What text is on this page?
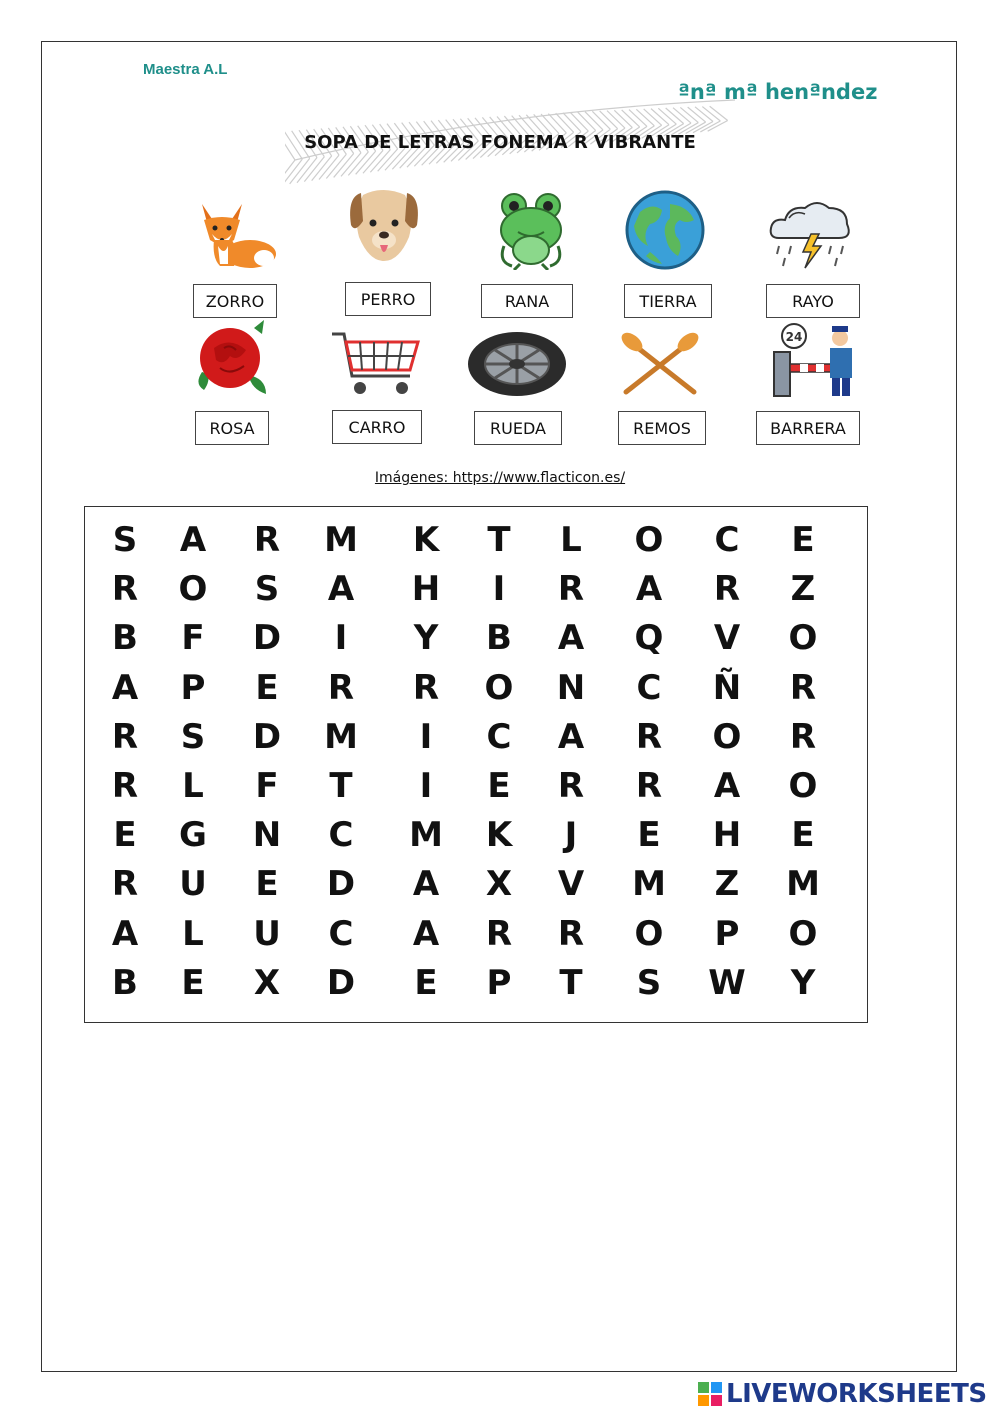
Maestra A.L
ªnª mª henªndez
SOPA DE LETRAS FONEMA R VIBRANTE
ZORRO	PERRO	RANA	TIERRA	RAYO
24
ROSA	CARRO	RUEDA	REMOS	BARRERA
Imágenes: https://www.flacticon.es/
S	A	R	M	K	T	L	O	C	E
R	O	S	A	H	I	R	A	R	Z
B	F	D	I	Y	B	A	Q	V	O
A	P	E	R	R	O	N	C	Ñ	R
R	S	D	M	I	C	A	R	O	R
R	L	F	T	I	E	R	R	A	O
E	G	N	C	M	K	J	E	H	E
R	U	E	D	A	X	V	M	Z	M
A	L	U	C	A	R	R	O	P	O
B	E	X	D	E	P	T	S	W	Y
LIVEWORKSHEETS
